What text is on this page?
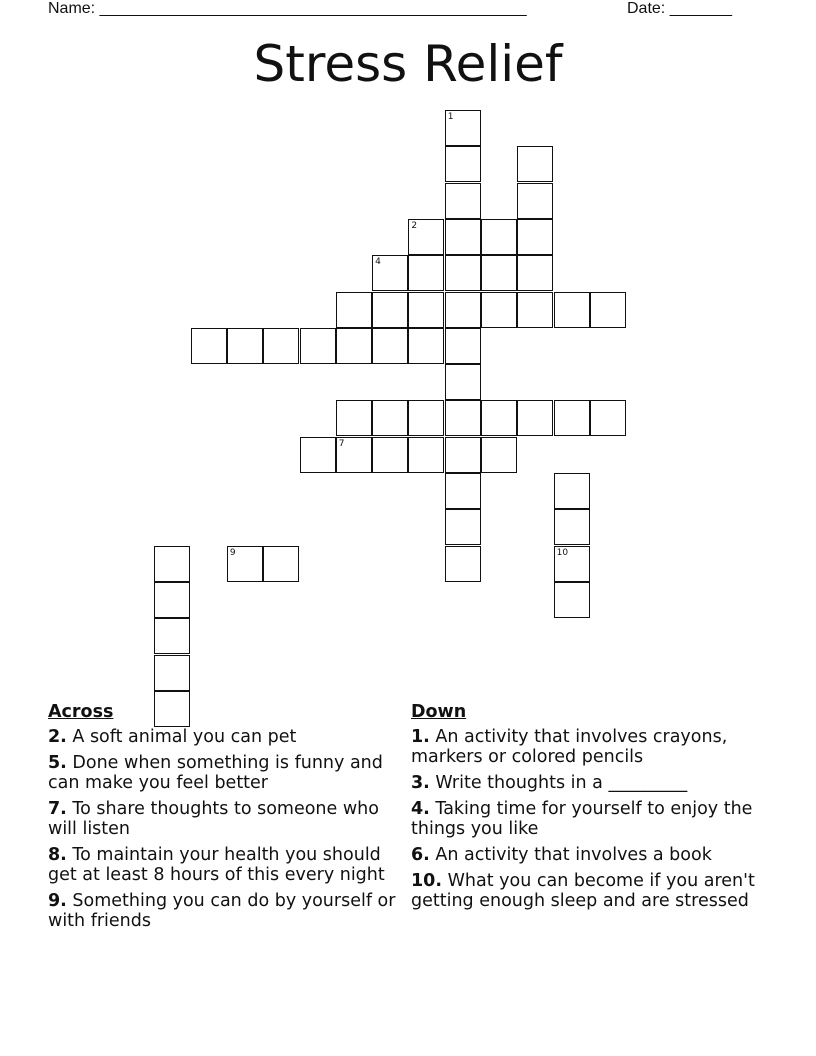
Name: ________________________________________________	Date: _______
Stress Relief
1
2
4
7
10
9
Across
2. A soft animal you can pet
5. Done when something is funny and can make you feel better
7. To share thoughts to someone who will listen
8. To maintain your health you should get at least 8 hours of this every night
9. Something you can do by yourself or with friends
Down
1. An activity that involves crayons, markers or colored pencils
3. Write thoughts in a _________
4. Taking time for yourself to enjoy the things you like
6. An activity that involves a book
10. What you can become if you aren't getting enough sleep and are stressed
